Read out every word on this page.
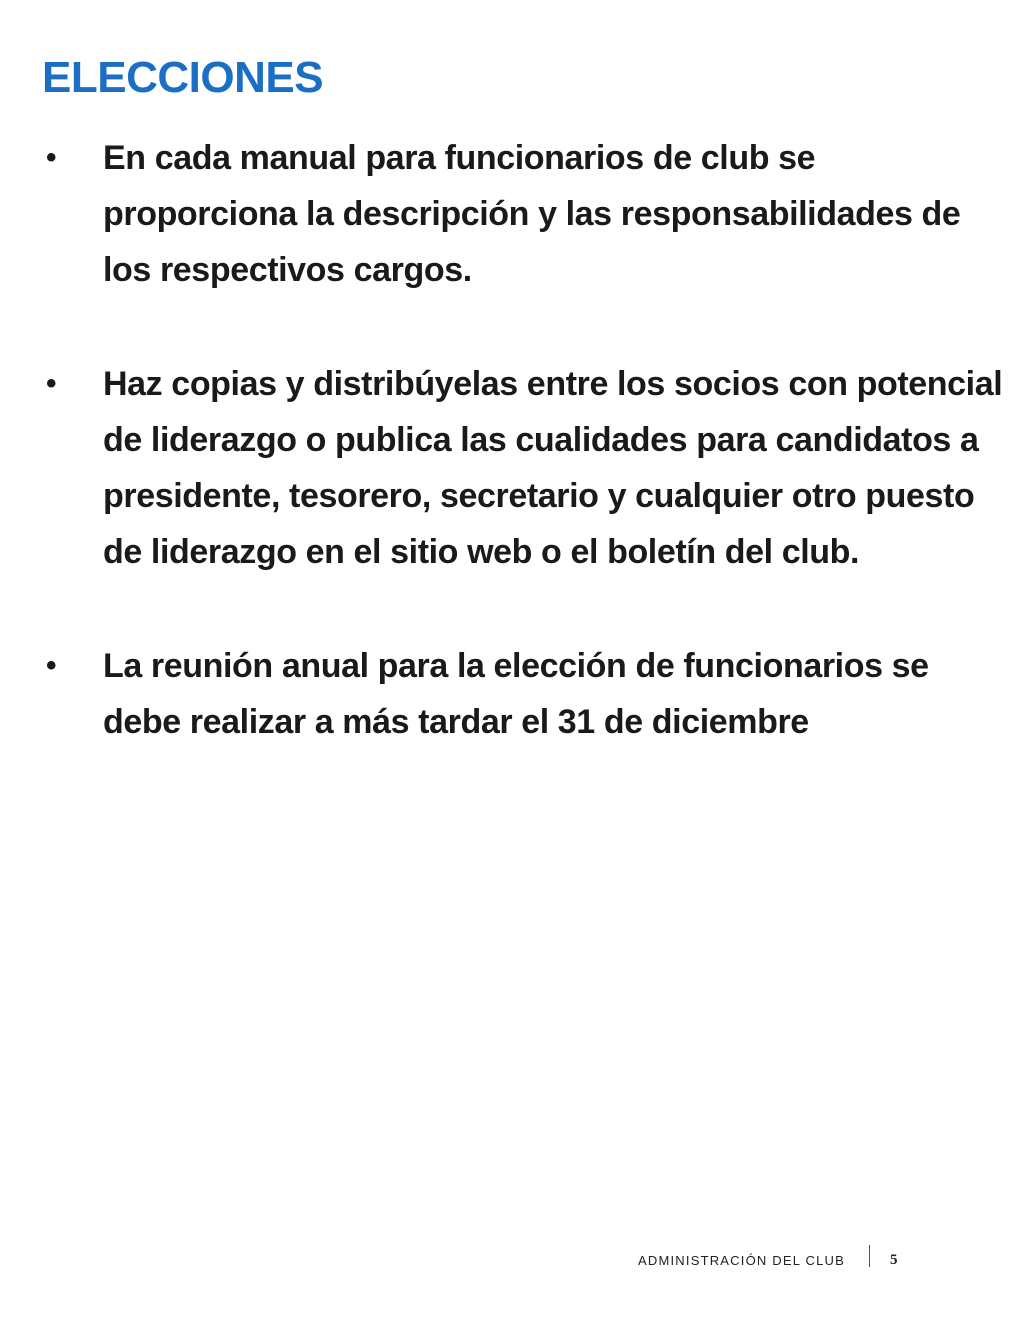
ELECCIONES
• En cada manual para funcionarios de club se proporciona la descripción y las responsabilidades de los respectivos cargos.
• Haz copias y distribúyelas entre los socios con potencial de liderazgo o publica las cualidades para candidatos a presidente, tesorero, secretario y cualquier otro puesto de liderazgo en el sitio web o el boletín del club.
• La reunión anual para la elección de funcionarios se debe realizar a más tardar el 31 de diciembre
ADMINISTRACIÓN DEL CLUB	5
